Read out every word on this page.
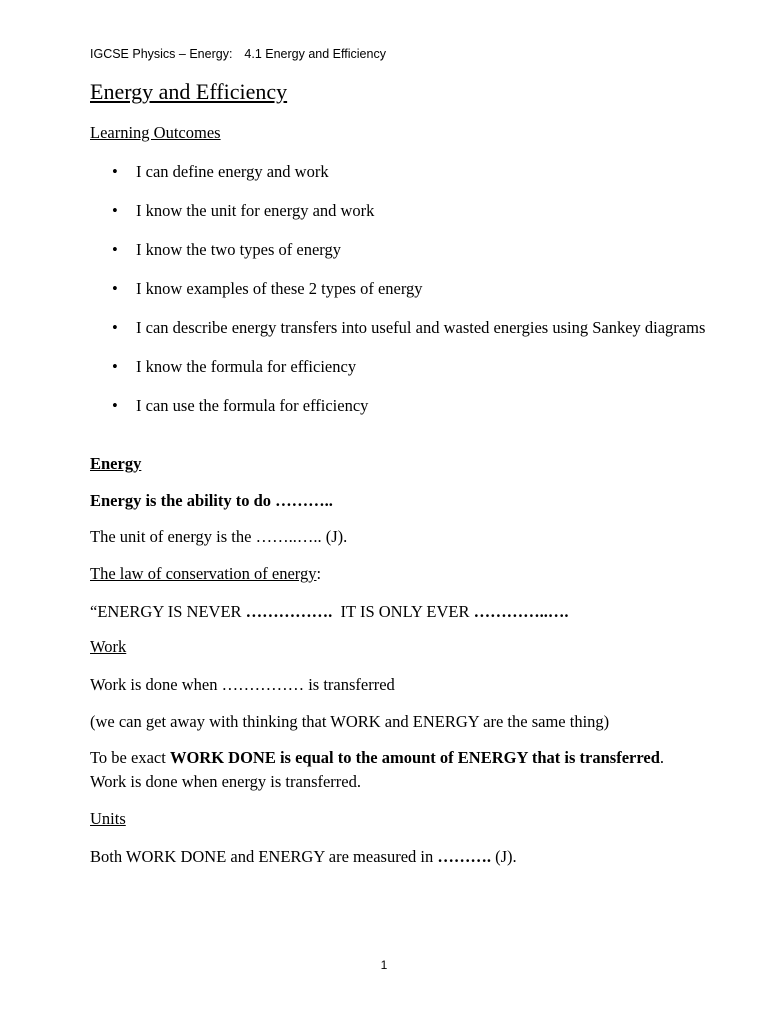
IGCSE Physics – Energy: 4.1 Energy and Efficiency
Energy and Efficiency
Learning Outcomes
• I can define energy and work
• I know the unit for energy and work
• I know the two types of energy
• I know examples of these 2 types of energy
• I can describe energy transfers into useful and wasted energies using Sankey diagrams
• I know the formula for efficiency
• I can use the formula for efficiency
Energy
Energy is the ability to do ………..
The unit of energy is the ……..….. (J).
The law of conservation of energy:
“ENERGY IS NEVER …………….  IT IS ONLY EVER …………..….
Work
Work is done when …………… is transferred
(we can get away with thinking that WORK and ENERGY are the same thing)
To be exact WORK DONE is equal to the amount of ENERGY that is transferred. Work is done when energy is transferred.
Units
Both WORK DONE and ENERGY are measured in ………. (J).
1
